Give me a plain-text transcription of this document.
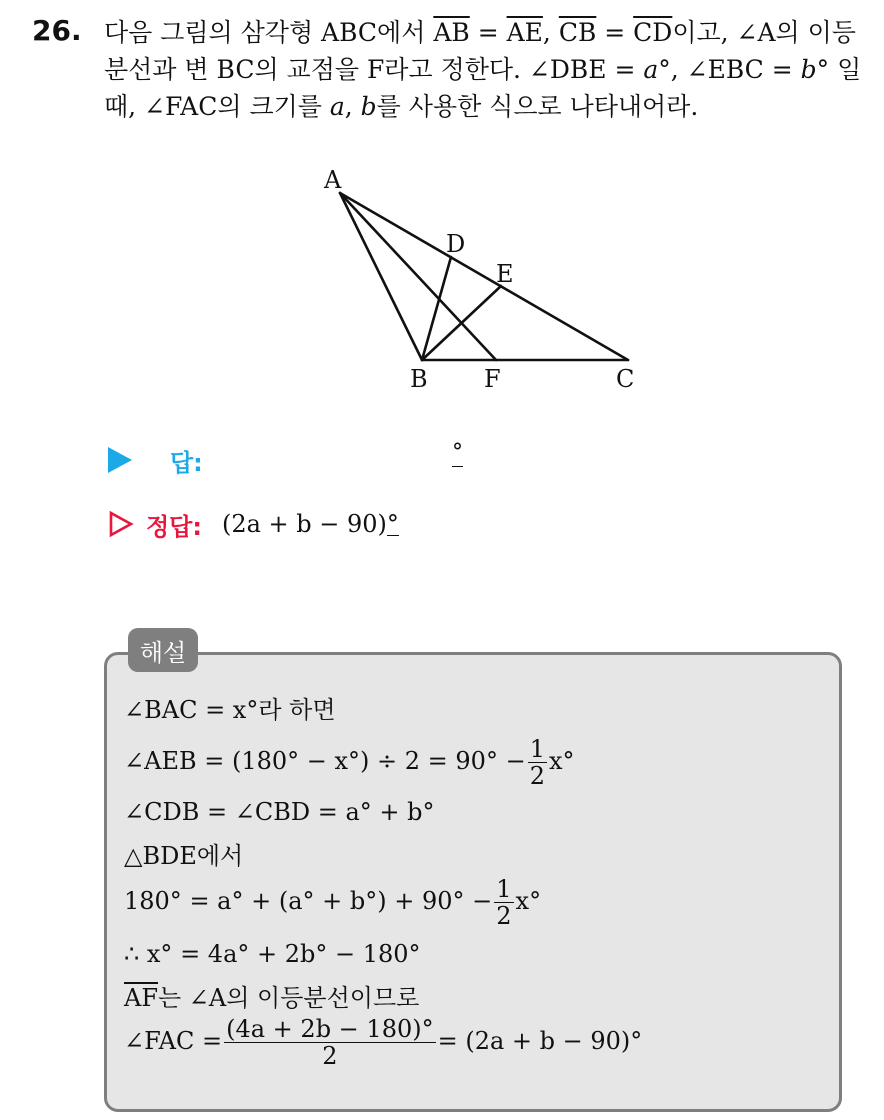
26. 다음 그림의 삼각형 ABC에서 $\overline{AB} = \overline{AE}$, $\overline{CB} = \overline{CD}$이고, ∠A의 이등분선과 변 BC의 교점을 F라고 정한다. ∠DBE = a°, ∠EBC = b° 일 때, ∠FAC의 크기를 a, b를 사용한 식으로 나타내어라.
A
D
E
B F	C
답:	°
정답: (2a + b − 90) °
해설
∠BAC = x°라 하면
∠AEB = $(180^\circ - x^\circ) \div 2 = 90^\circ - \frac{1}{2} x^\circ$
∠CDB = ∠CBD = a° + b°
△BDE에서
$180^\circ = a^\circ + (a^\circ + b^\circ) + 90^\circ - \frac{1}{2} x^\circ$
∴ x° = 4a° + 2b° − 180°
$\overline{AF}$는 ∠A의 이등분선이므로
∠FAC = $\frac{(4a + 2b - 180)^\circ}{2} = (2a + b - 90)^\circ$
